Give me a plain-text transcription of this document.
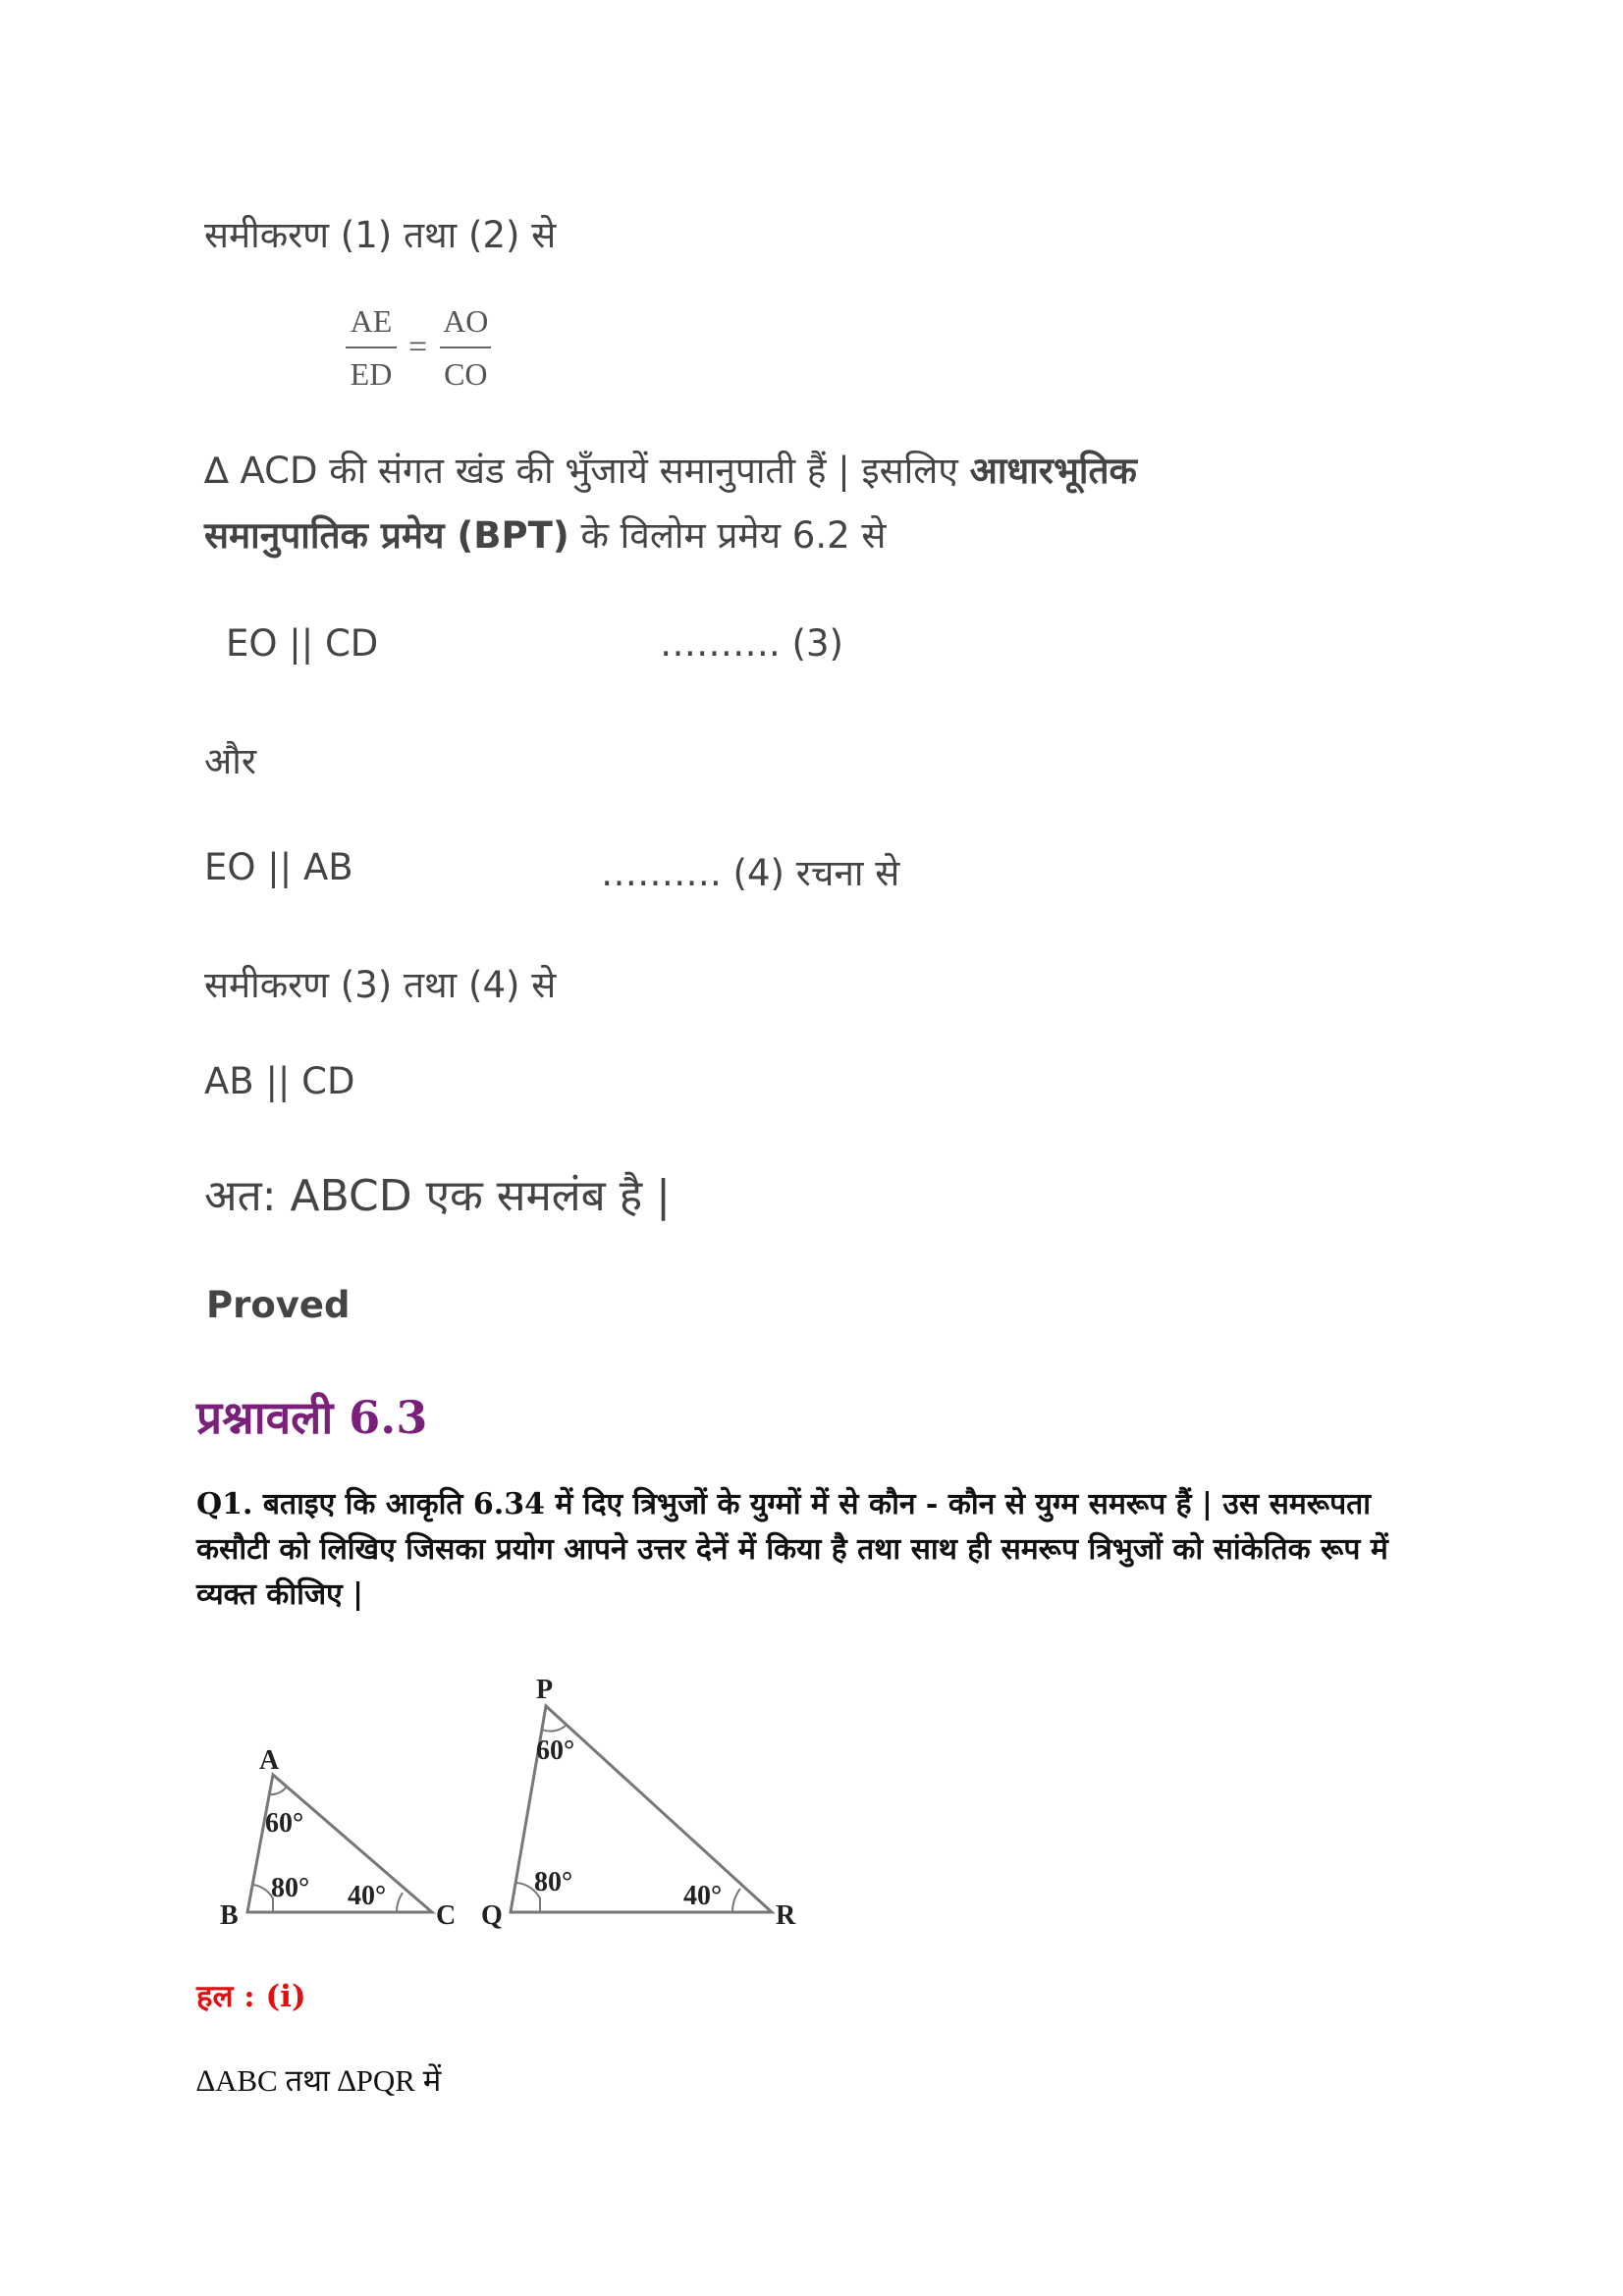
समीकरण (1) तथा (2) से
AE
ED
=
AO
CO
∆ ACD की संगत खंड की भुँजायें समानुपाती हैं | इसलिए आधारभूतिक
समानुपातिक प्रमेय (BPT) के विलोम प्रमेय 6.2 से
EO || CD	………. (3)
और
EO || AB	………. (4) रचना से
समीकरण (3) तथा (4) से
AB || CD
अत: ABCD एक समलंब है |
Proved
प्रश्नावली 6.3
Q1. बताइए कि आकृति 6.34 में दिए त्रिभुजों के युग्मों में से कौन - कौन से युग्म समरूप हैं | उस समरूपता कसौटी को लिखिए जिसका प्रयोग आपने उत्तर देनें में किया है तथा साथ ही समरूप त्रिभुजों को सांकेतिक रूप में व्यक्त कीजिए |
A
B	C
60°
80° 40°
P
Q	R
60°
80°	40°
हल : (i)
∆ABC तथा ∆PQR में
